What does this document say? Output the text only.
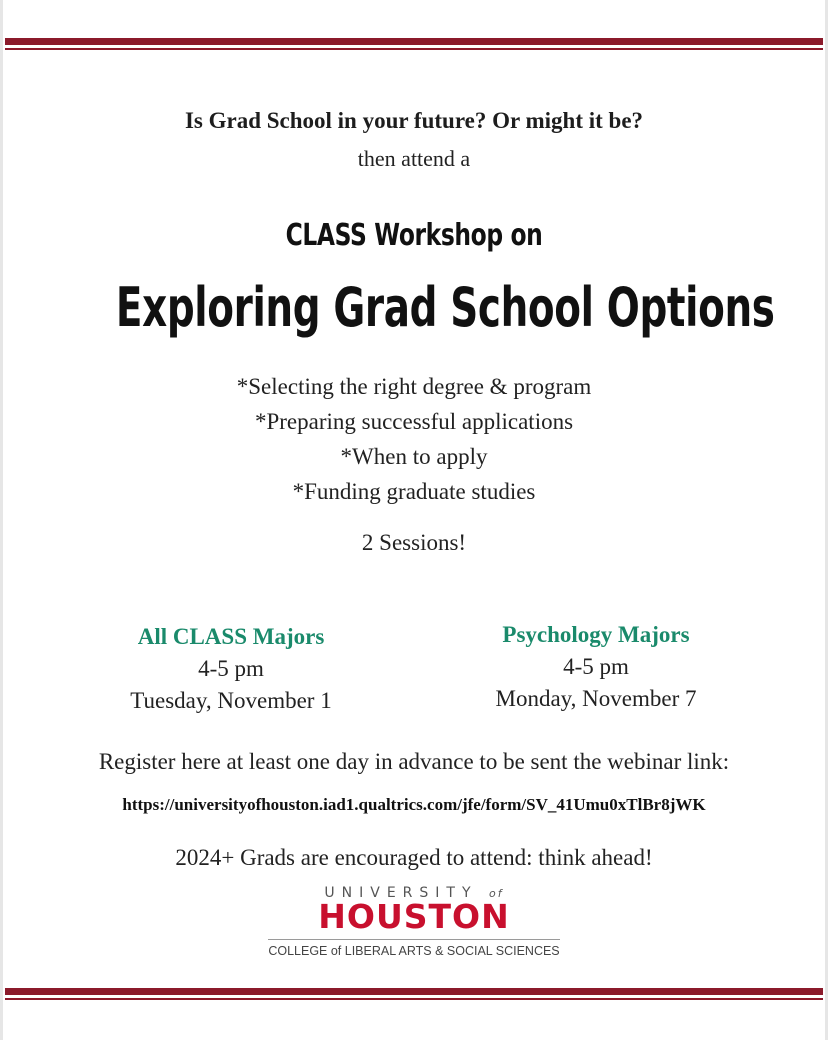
Is Grad School in your future? Or might it be?
then attend a
CLASS Workshop on
Exploring Grad School Options
*Selecting the right degree & program
*Preparing successful applications
*When to apply
*Funding graduate studies
2 Sessions!
All CLASS Majors
4-5 pm
Tuesday, November 1
Psychology Majors
4-5 pm
Monday, November 7
Register here at least one day in advance to be sent the webinar link:
https://universityofhouston.iad1.qualtrics.com/jfe/form/SV_41Umu0xTlBr8jWK
2024+ Grads are encouraged to attend: think ahead!
UNIVERSITY of
HOUSTON
COLLEGE of LIBERAL ARTS & SOCIAL SCIENCES
